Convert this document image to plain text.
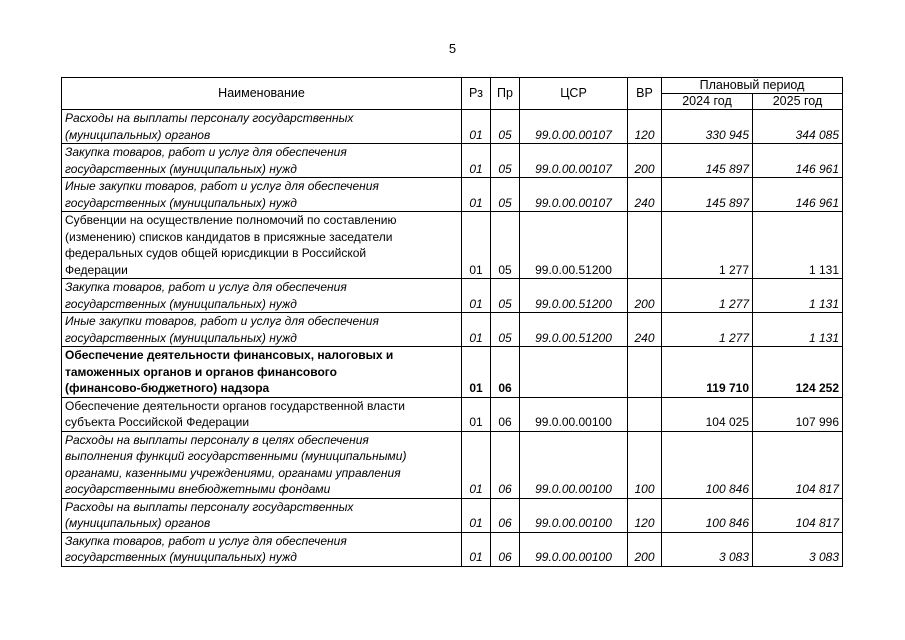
5
Наименование	Рз	Пр	ЦСР	ВР	Плановый период	
					2024 год	2025 год

Расходы на выплаты персоналу государственных
(муниципальных) органов	01	05	99.0.00.00107	120	330 945	344 085

Закупка товаров, работ и услуг для обеспечения
государственных (муниципальных) нужд	01	05	99.0.00.00107	200	145 897	146 961

Иные закупки товаров, работ и услуг для обеспечения
государственных (муниципальных) нужд	01	05	99.0.00.00107	240	145 897	146 961

Субвенции на осуществление полномочий по составлению
(изменению) списков кандидатов в присяжные заседатели
федеральных судов общей юрисдикции в Российской
Федерации	01	05	99.0.00.51200		1 277	1 131

Закупка товаров, работ и услуг для обеспечения
государственных (муниципальных) нужд	01	05	99.0.00.51200	200	1 277	1 131

Иные закупки товаров, работ и услуг для обеспечения
государственных (муниципальных) нужд	01	05	99.0.00.51200	240	1 277	1 131

Обеспечение деятельности финансовых, налоговых и
таможенных органов и органов финансового
(финансово-бюджетного) надзора	01	06			119 710	124 252

Обеспечение деятельности органов государственной власти
субъекта Российской Федерации	01	06	99.0.00.00100		104 025	107 996

Расходы на выплаты персоналу в целях обеспечения
выполнения функций государственными (муниципальными)
органами, казенными учреждениями, органами управления
государственными внебюджетными фондами	01	06	99.0.00.00100	100	100 846	104 817

Расходы на выплаты персоналу государственных
(муниципальных) органов	01	06	99.0.00.00100	120	100 846	104 817

Закупка товаров, работ и услуг для обеспечения
государственных (муниципальных) нужд	01	06	99.0.00.00100	200	3 083	3 083
